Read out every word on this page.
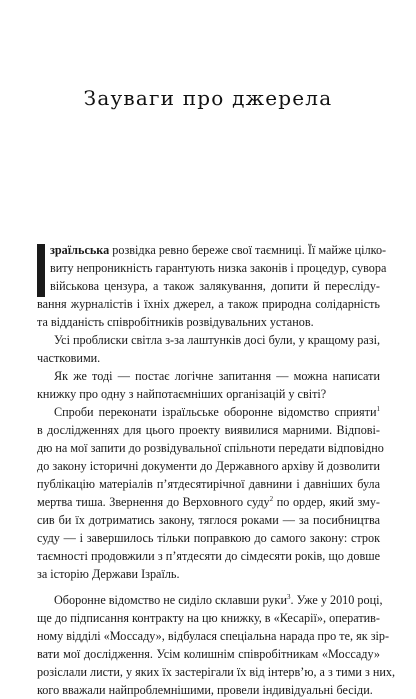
Зауваги про джерела

зраїльська розвідка ревно береже свої таємниці. Її майже цілко-
виту непроникність гарантують низка законів і процедур, сувора
військова цензура, а також залякування, допити й пересліду-
вання журналістів і їхніх джерел, а також природна солідарність
та відданість співробітників розвідувальних установ.

Усі проблиски світла з-за лаштунків досі були, у кращому разі,
частковими.

Як же тоді — постає логічне запитання — можна написати
книжку про одну з найпотаємніших організацій у світі?

Спроби переконати ізраїльське оборонне відомство сприяти$^1$
в дослідженнях для цього проекту виявилися марними. Відпові-
дю на мої запити до розвідувальної спільноти передати відповідно
до закону історичні документи до Державного архіву й дозволити
публікацію матеріалів п’ятдесятирічної давнини і давніших була
мертва тиша. Звернення до Верховного суду$^2$ по ордер, який зму-
сив би їх дотриматись закону, тяглося роками — за посибництва
суду — і завершилось тільки поправкою до самого закону: строк
таємності продовжили з п’ятдесяти до сімдесяти років, що довше
за історію Держави Ізраїль.

Оборонне відомство не сиділо склавши руки$^3$. Уже у 2010 році,
ще до підписання контракту на цю книжку, в «Кесарії», оператив-
ному відділі «Моссаду», відбулася спеціальна нарада про те, як зір-
вати мої дослідження. Усім колишнім співробітникам «Моссаду»
розіслали листи, у яких їх застерігали їх від інтерв’ю, а з тими з них,
кого вважали найпроблемнішими, провели індивідуальні бесіди.
